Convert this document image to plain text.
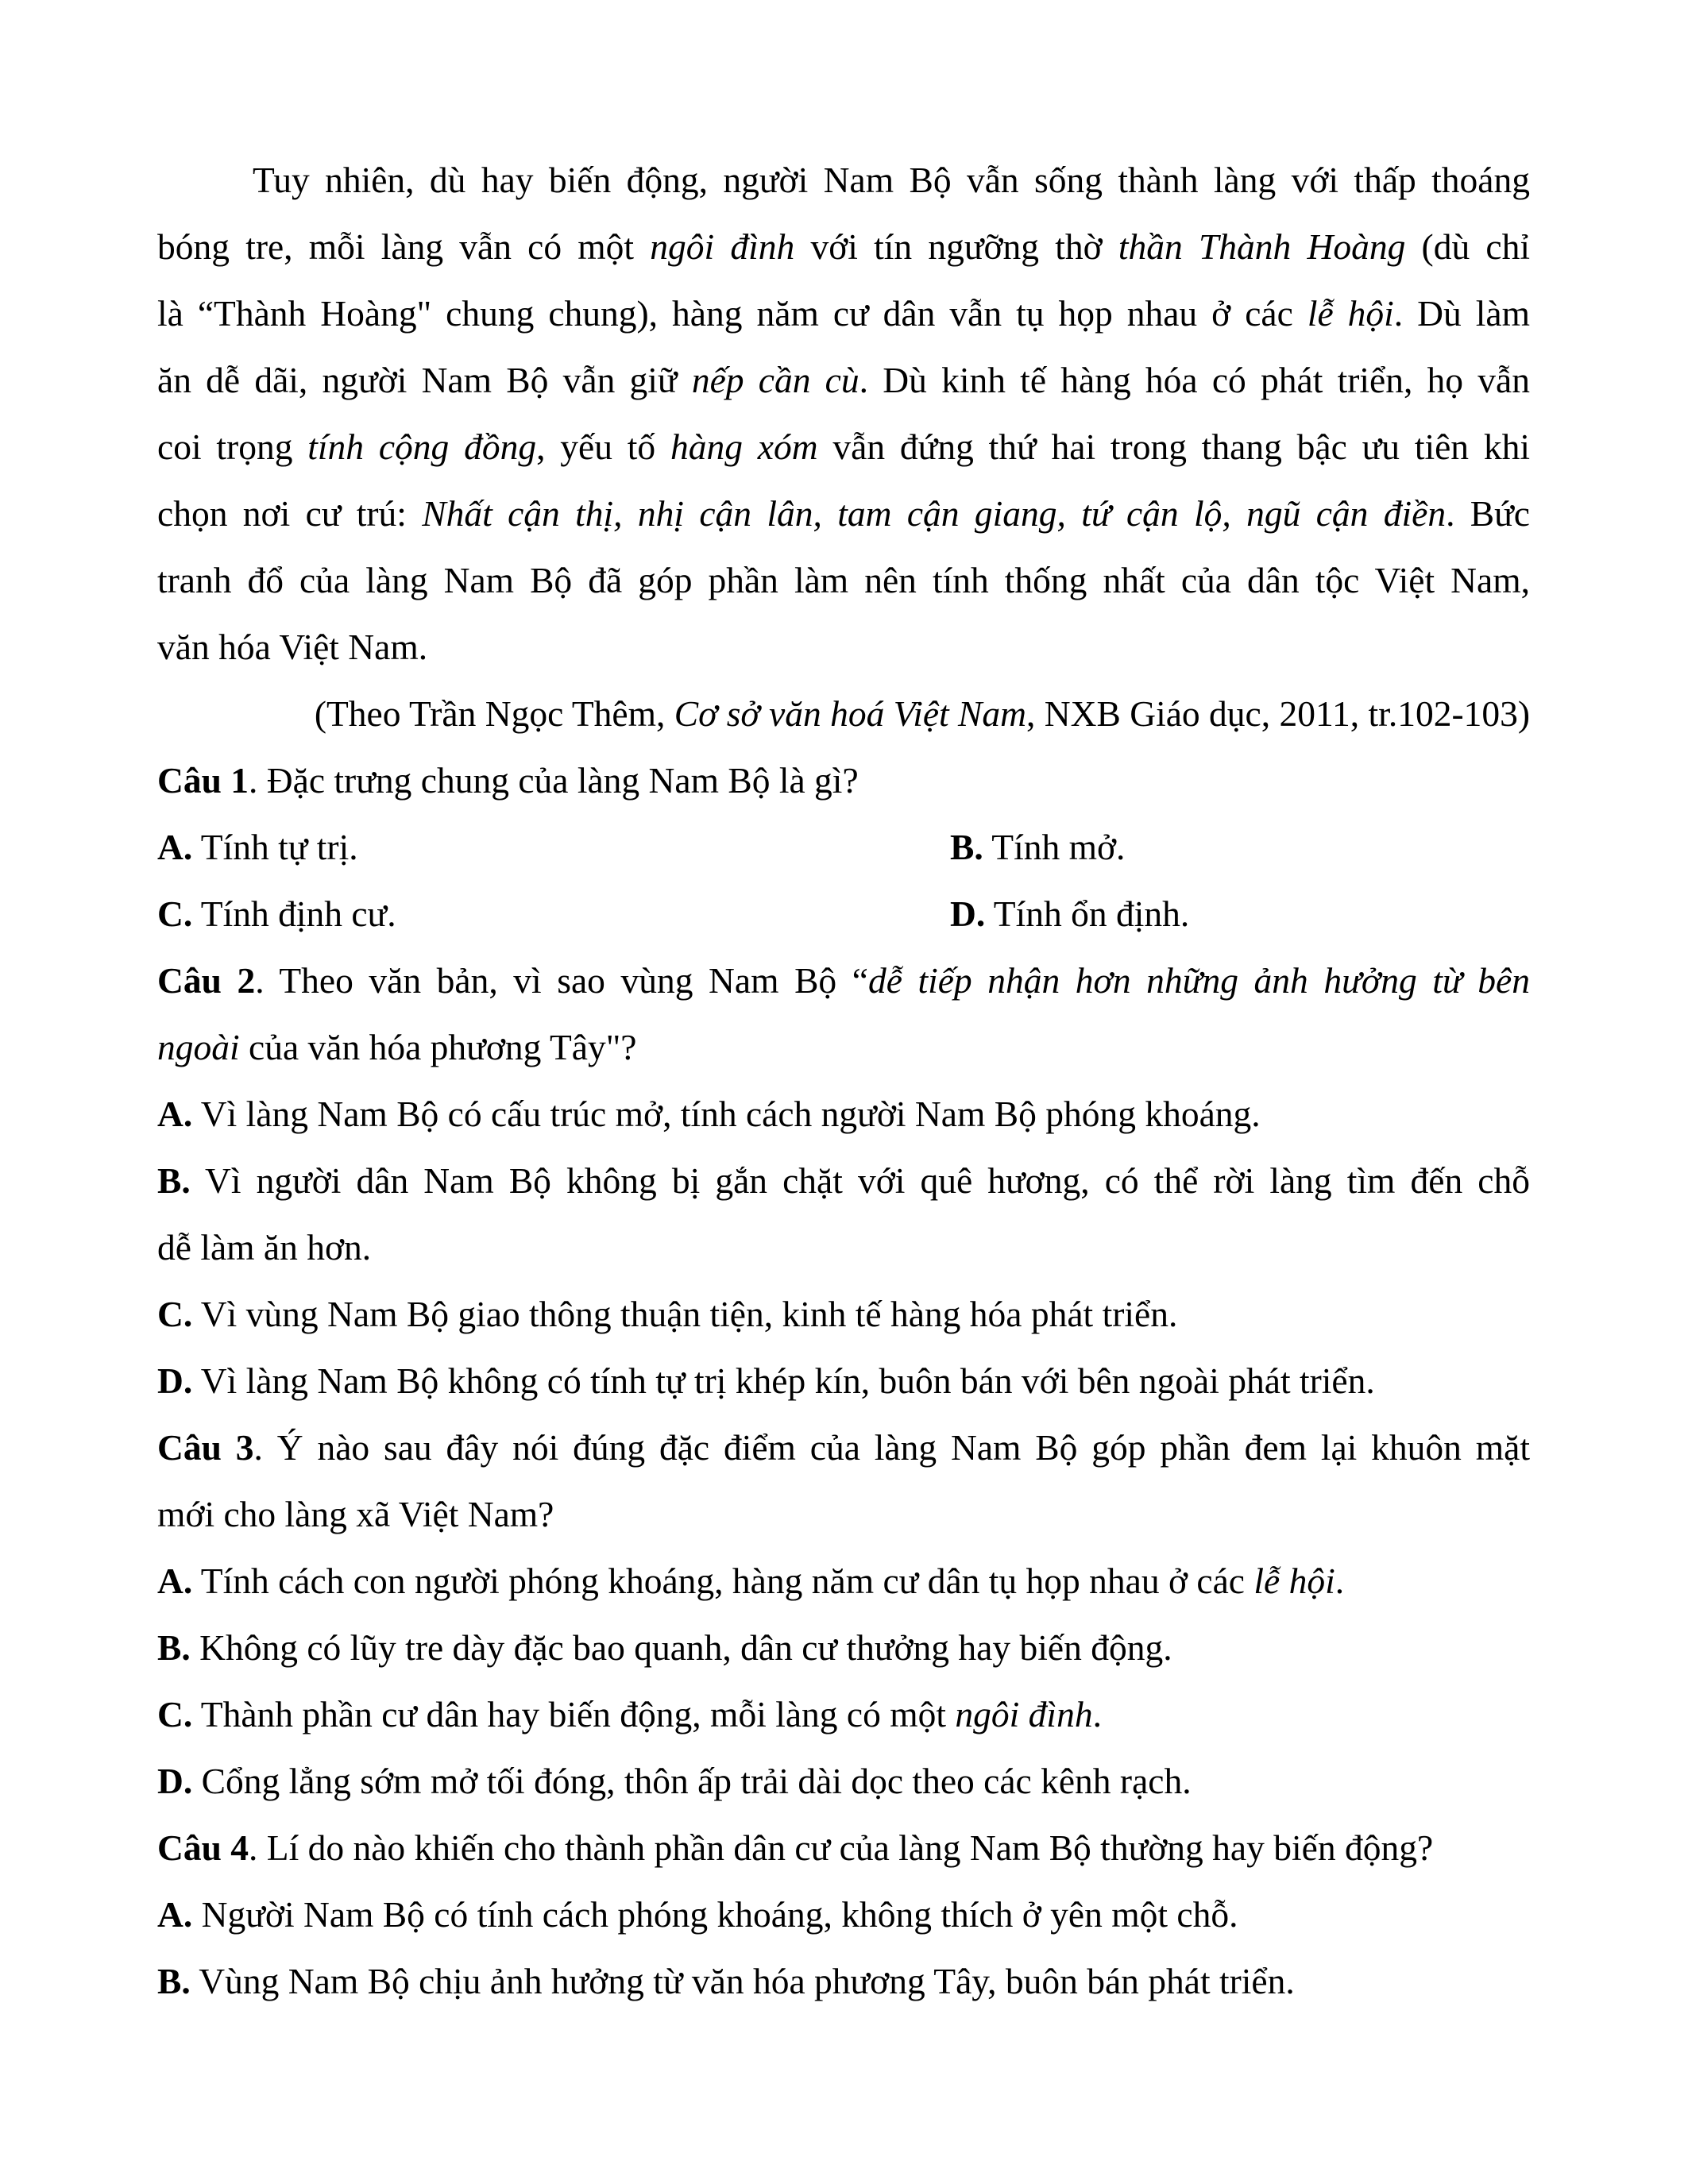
Tuy nhiên, dù hay biến động, người Nam Bộ vẫn sống thành làng với thấp thoáng
bóng tre, mỗi làng vẫn có một ngôi đình với tín ngưỡng thờ thần Thành Hoàng (dù chỉ
là “Thành Hoàng" chung chung), hàng năm cư dân vẫn tụ họp nhau ở các lễ hội. Dù làm
ăn dễ dãi, người Nam Bộ vẫn giữ nếp cần cù. Dù kinh tế hàng hóa có phát triển, họ vẫn
coi trọng tính cộng đồng, yếu tố hàng xóm vẫn đứng thứ hai trong thang bậc ưu tiên khi
chọn nơi cư trú: Nhất cận thị, nhị cận lân, tam cận giang, tứ cận lộ, ngũ cận điền. Bức
tranh đổ của làng Nam Bộ đã góp phần làm nên tính thống nhất của dân tộc Việt Nam,
văn hóa Việt Nam.
(Theo Trần Ngọc Thêm, Cơ sở văn hoá Việt Nam, NXB Giáo dục, 2011, tr.102-103)
Câu 1. Đặc trưng chung của làng Nam Bộ là gì?
A. Tính tự trị.	B. Tính mở.
C. Tính định cư.	D. Tính ổn định.
Câu 2. Theo văn bản, vì sao vùng Nam Bộ “dễ tiếp nhận hơn những ảnh hưởng từ bên
ngoài của văn hóa phương Tây"?
A. Vì làng Nam Bộ có cấu trúc mở, tính cách người Nam Bộ phóng khoáng.
B. Vì người dân Nam Bộ không bị gắn chặt với quê hương, có thể rời làng tìm đến chỗ
dễ làm ăn hơn.
C. Vì vùng Nam Bộ giao thông thuận tiện, kinh tế hàng hóa phát triển.
D. Vì làng Nam Bộ không có tính tự trị khép kín, buôn bán với bên ngoài phát triển.
Câu 3. Ý nào sau đây nói đúng đặc điểm của làng Nam Bộ góp phần đem lại khuôn mặt
mới cho làng xã Việt Nam?
A. Tính cách con người phóng khoáng, hàng năm cư dân tụ họp nhau ở các lễ hội.
B. Không có lũy tre dày đặc bao quanh, dân cư thưởng hay biến động.
C. Thành phần cư dân hay biến động, mỗi làng có một ngôi đình.
D. Cổng lẳng sớm mở tối đóng, thôn ấp trải dài dọc theo các kênh rạch.
Câu 4. Lí do nào khiến cho thành phần dân cư của làng Nam Bộ thường hay biến động?
A. Người Nam Bộ có tính cách phóng khoáng, không thích ở yên một chỗ.
B. Vùng Nam Bộ chịu ảnh hưởng từ văn hóa phương Tây, buôn bán phát triển.
